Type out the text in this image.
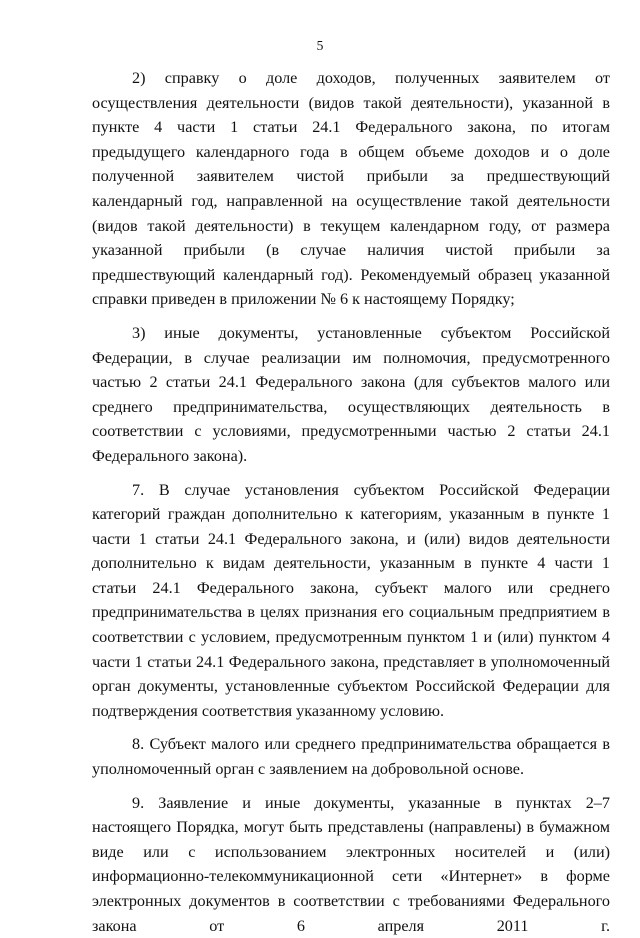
5

2) справку о доле доходов, полученных заявителем от осуществления деятельности (видов такой деятельности), указанной в пункте 4 части 1 статьи 24.1 Федерального закона, по итогам предыдущего календарного года в общем объеме доходов и о доле полученной заявителем чистой прибыли за предшествующий календарный год, направленной на осуществление такой деятельности (видов такой деятельности) в текущем календарном году, от размера указанной прибыли (в случае наличия чистой прибыли за предшествующий календарный год). Рекомендуемый образец указанной справки приведен в приложении № 6 к настоящему Порядку;

3) иные документы, установленные субъектом Российской Федерации, в случае реализации им полномочия, предусмотренного частью 2 статьи 24.1 Федерального закона (для субъектов малого или среднего предпринимательства, осуществляющих деятельность в соответствии с условиями, предусмотренными частью 2 статьи 24.1 Федерального закона).

7. В случае установления субъектом Российской Федерации категорий граждан дополнительно к категориям, указанным в пункте 1 части 1 статьи 24.1 Федерального закона, и (или) видов деятельности дополнительно к видам деятельности, указанным в пункте 4 части 1 статьи 24.1 Федерального закона, субъект малого или среднего предпринимательства в целях признания его социальным предприятием в соответствии с условием, предусмотренным пунктом 1 и (или) пунктом 4 части 1 статьи 24.1 Федерального закона, представляет в уполномоченный орган документы, установленные субъектом Российской Федерации для подтверждения соответствия указанному условию.

8. Субъект малого или среднего предпринимательства обращается в уполномоченный орган с заявлением на добровольной основе.

9. Заявление и иные документы, указанные в пунктах 2–7 настоящего Порядка, могут быть представлены (направлены) в бумажном виде или с использованием электронных носителей и (или) информационно-телекоммуникационной сети «Интернет» в форме электронных документов в соответствии с требованиями Федерального закона от 6 апреля 2011 г.
